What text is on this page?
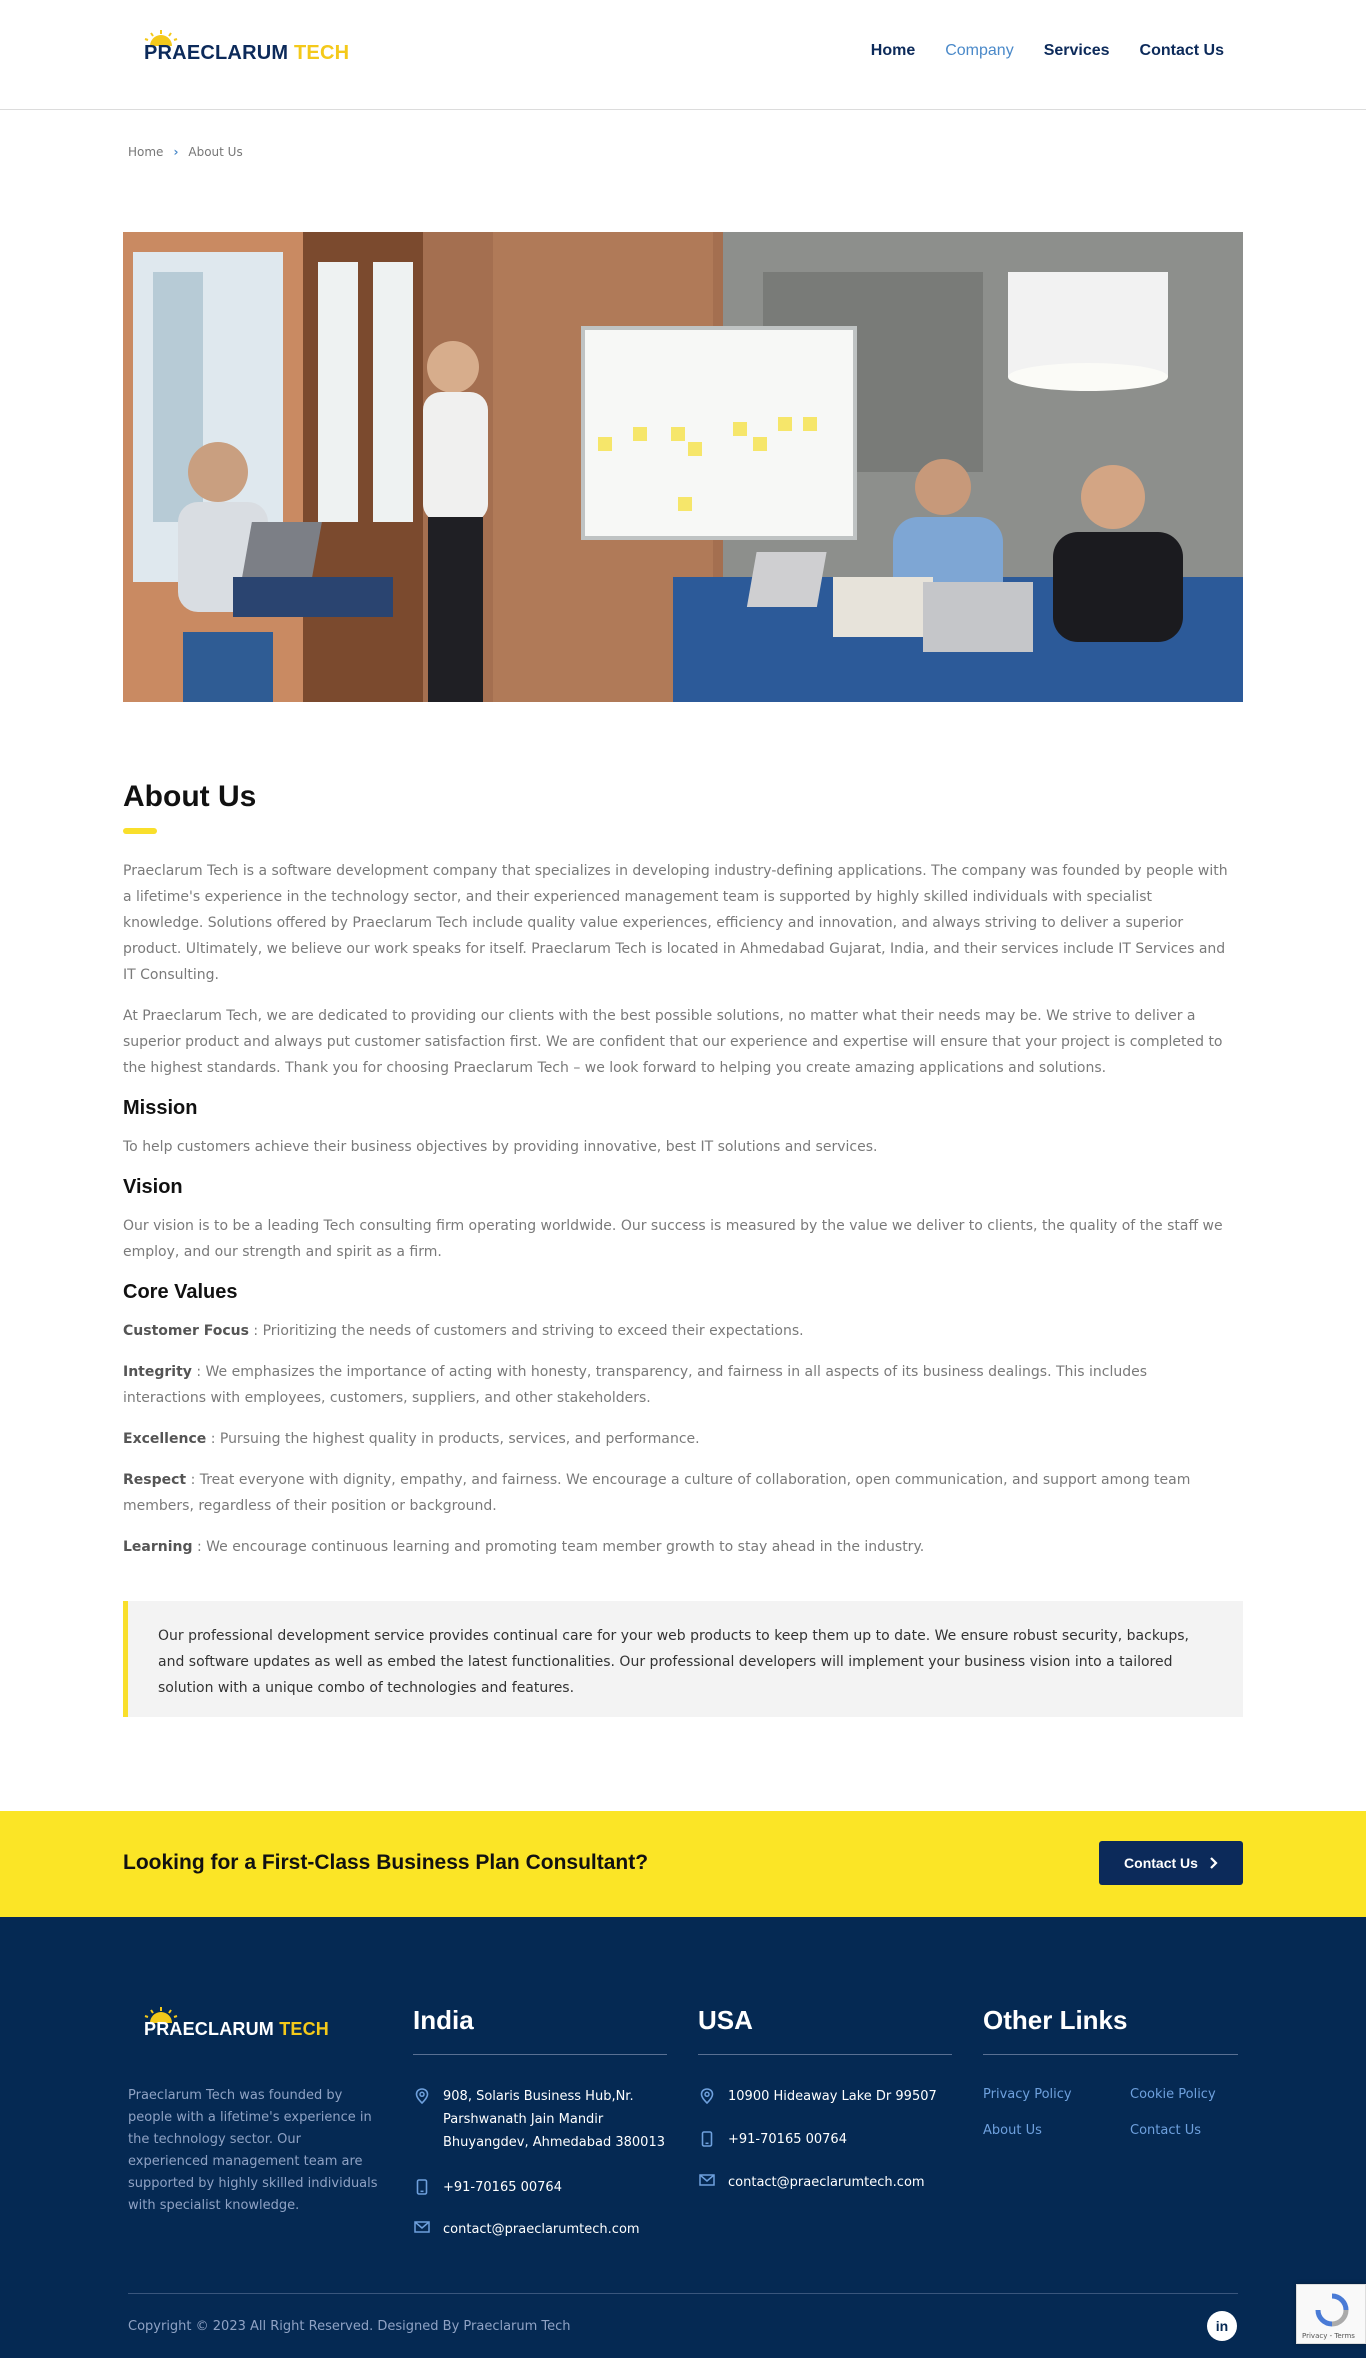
PRAECLARUM TECH	Home Company Services Contact Us
Home › About Us
About Us

Praeclarum Tech is a software development company that specializes in developing industry-defining applications. The company was founded by people with a lifetime's experience in the technology sector, and their experienced management team is supported by highly skilled individuals with specialist knowledge. Solutions offered by Praeclarum Tech include quality value experiences, efficiency and innovation, and always striving to deliver a superior product. Ultimately, we believe our work speaks for itself. Praeclarum Tech is located in Ahmedabad Gujarat, India, and their services include IT Services and IT Consulting.

At Praeclarum Tech, we are dedicated to providing our clients with the best possible solutions, no matter what their needs may be. We strive to deliver a superior product and always put customer satisfaction first. We are confident that our experience and expertise will ensure that your project is completed to the highest standards. Thank you for choosing Praeclarum Tech – we look forward to helping you create amazing applications and solutions.

Mission

To help customers achieve their business objectives by providing innovative, best IT solutions and services.

Vision

Our vision is to be a leading Tech consulting firm operating worldwide. Our success is measured by the value we deliver to clients, the quality of the staff we employ, and our strength and spirit as a firm.

Core Values

Customer Focus : Prioritizing the needs of customers and striving to exceed their expectations.

Integrity : We emphasizes the importance of acting with honesty, transparency, and fairness in all aspects of its business dealings. This includes interactions with employees, customers, suppliers, and other stakeholders.

Excellence : Pursuing the highest quality in products, services, and performance.

Respect : Treat everyone with dignity, empathy, and fairness. We encourage a culture of collaboration, open communication, and support among team members, regardless of their position or background.

Learning : We encourage continuous learning and promoting team member growth to stay ahead in the industry.

Our professional development service provides continual care for your web products to keep them up to date. We ensure robust security, backups, and software updates as well as embed the latest functionalities. Our professional developers will implement your business vision into a tailored solution with a unique combo of technologies and features.

Looking for a First-Class Business Plan Consultant?	Contact Us
PRAECLARUM TECH

Praeclarum Tech was founded by people with a lifetime's experience in the technology sector. Our experienced management team are supported by highly skilled individuals with specialist knowledge.

India
908, Solaris Business Hub,Nr.
Parshwanath Jain Mandir
Bhuyangdev, Ahmedabad 380013
+91-70165 00764
contact@praeclarumtech.com
USA
10900 Hideaway Lake Dr 99507
+91-70165 00764
contact@praeclarumtech.com
Other Links
Privacy Policy	Cookie Policy
About Us	Contact Us
Copyright © 2023 All Right Reserved. Designed By Praeclarum Tech	in
Privacy - Terms
